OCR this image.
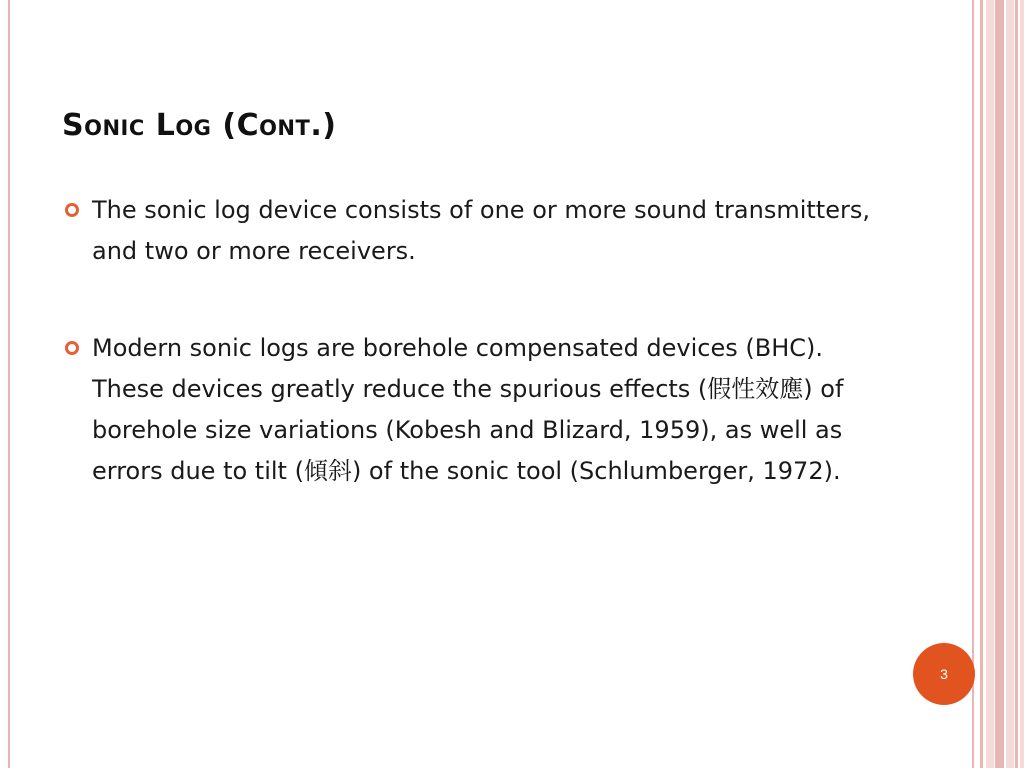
Sonic Log (Cont.)
The sonic log device consists of one or more sound transmitters, and two or more receivers.
Modern sonic logs are borehole compensated devices (BHC). These devices greatly reduce the spurious effects (假性效應) of borehole size variations (Kobesh and Blizard, 1959), as well as errors due to tilt (傾斜) of the sonic tool (Schlumberger, 1972).
3
